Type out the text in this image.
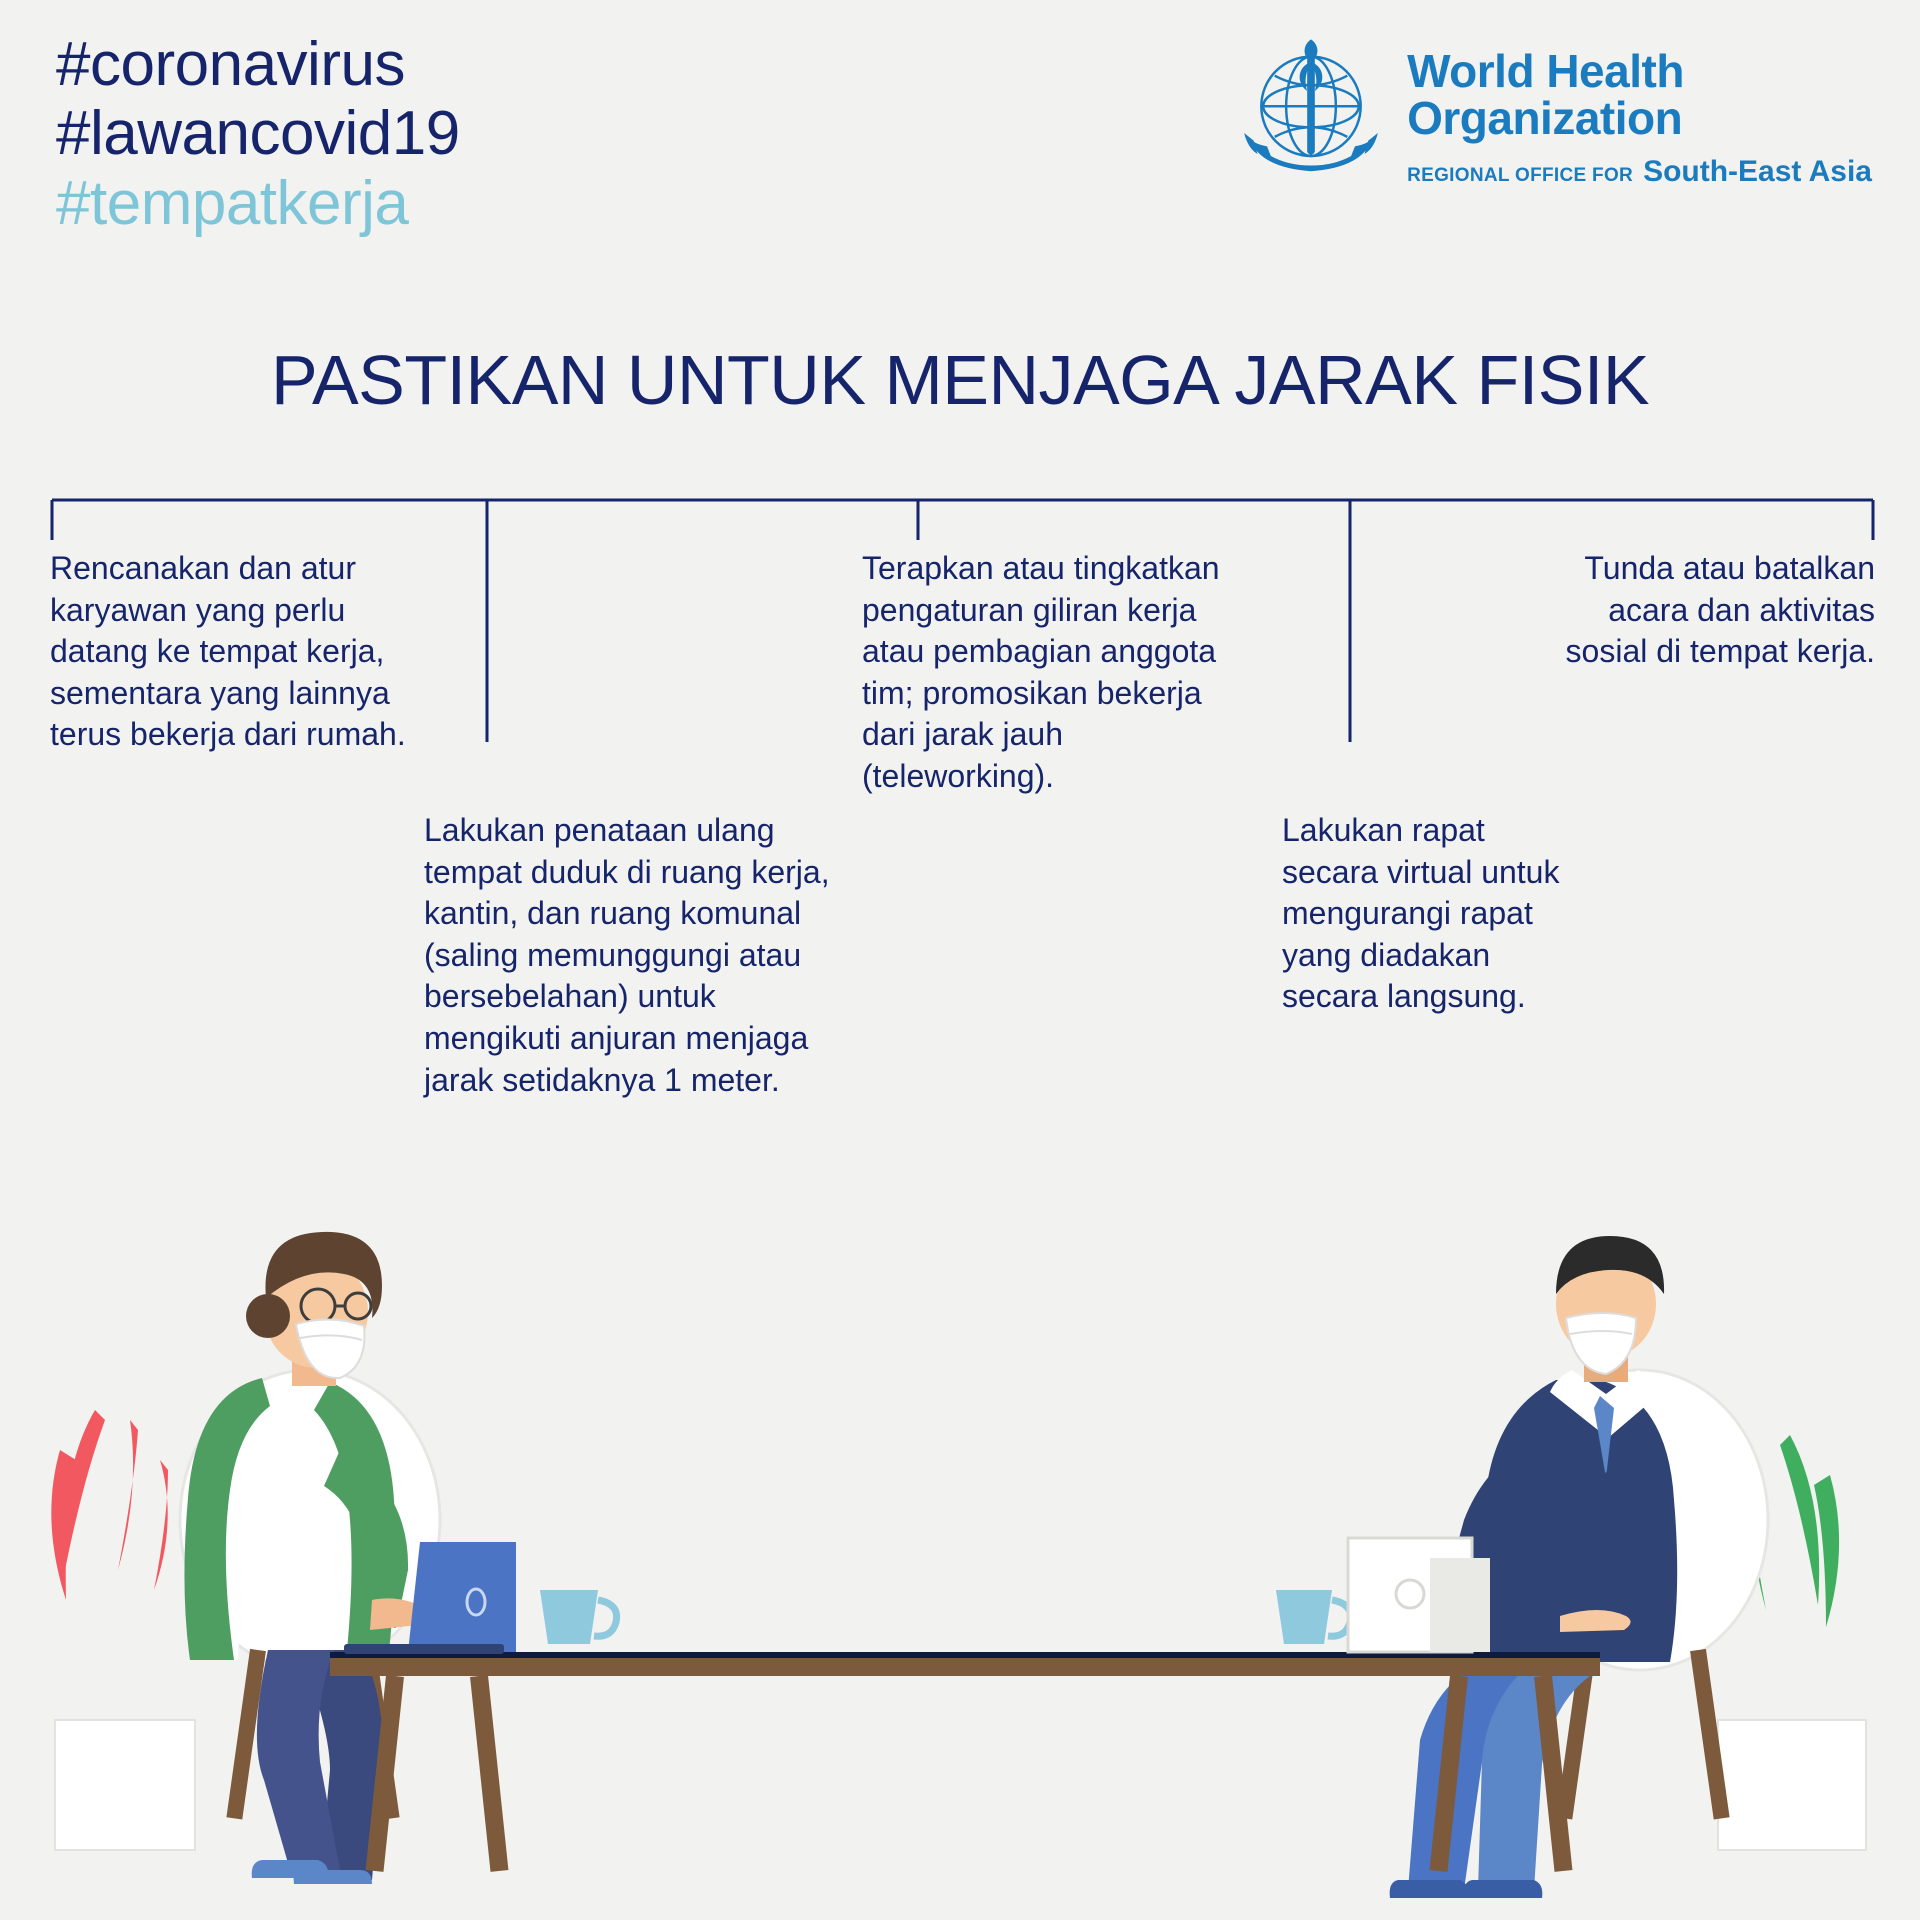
#coronavirus
#lawancovid19
#tempatkerja
World Health
Organization
REGIONAL OFFICE FOR South-East Asia
PASTIKAN UNTUK MENJAGA JARAK FISIK
Rencanakan dan atur karyawan yang perlu datang ke tempat kerja, sementara yang lainnya terus bekerja dari rumah.
Lakukan penataan ulang tempat duduk di ruang kerja, kantin, dan ruang komunal (saling memunggungi atau bersebelahan) untuk mengikuti anjuran menjaga jarak setidaknya 1 meter.
Terapkan atau tingkatkan pengaturan giliran kerja atau pembagian anggota tim; promosikan bekerja dari jarak jauh (teleworking).
Lakukan rapat secara virtual untuk mengurangi rapat yang diadakan secara langsung.
Tunda atau batalkan acara dan aktivitas sosial di tempat kerja.
